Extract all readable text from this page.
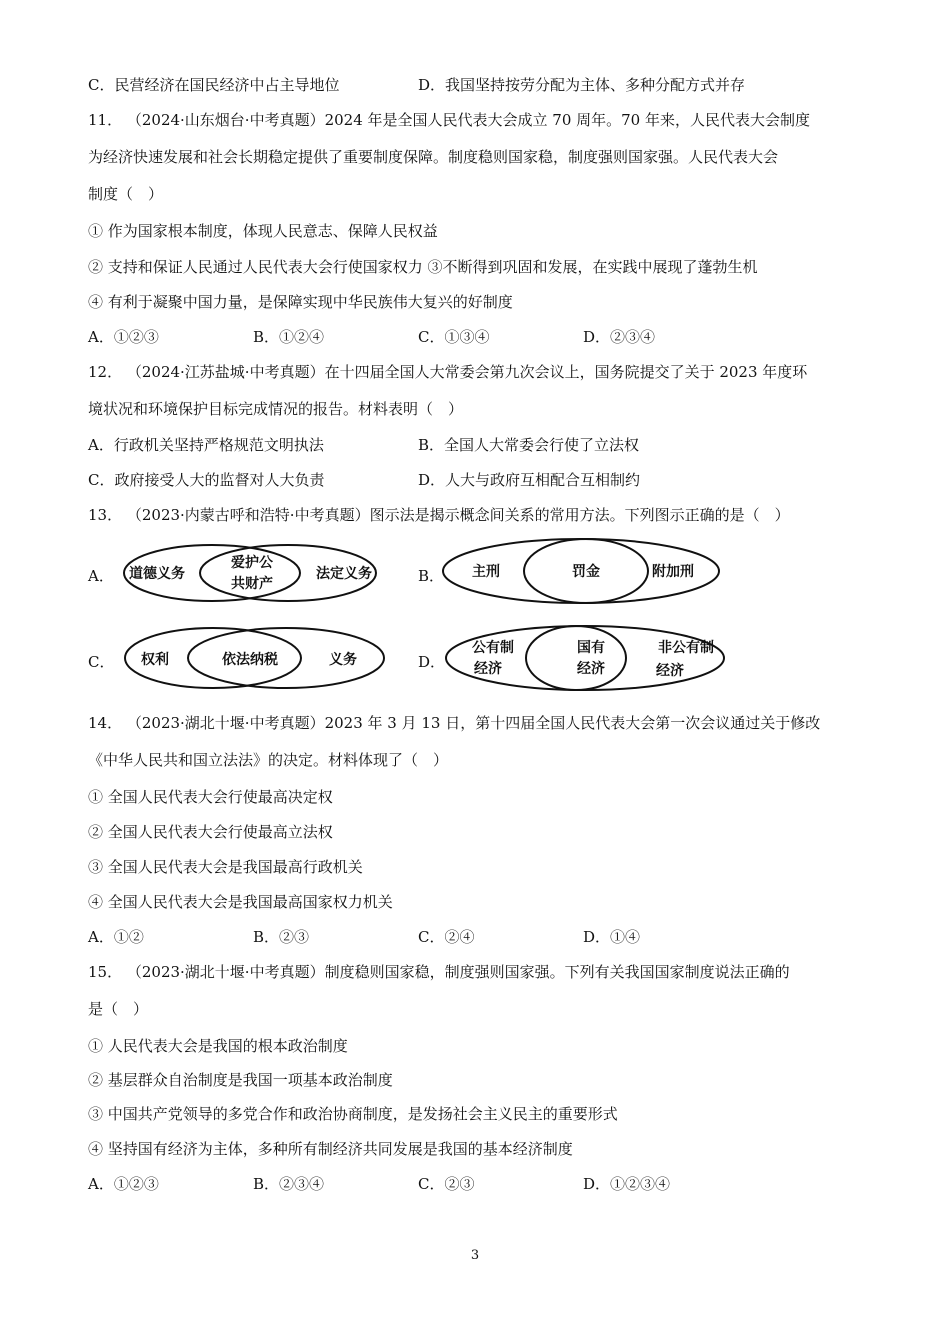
C．民营经济在国民经济中占主导地位	D．我国坚持按劳分配为主体、多种分配方式并存
11． （2024·山东烟台·中考真题）2024 年是全国人民代表大会成立 70 周年。70 年来，人民代表大会制度
为经济快速发展和社会长期稳定提供了重要制度保障。制度稳则国家稳，制度强则国家强。人民代表大会
制度（　）
① 作为国家根本制度，体现人民意志、保障人民权益
② 支持和保证人民通过人民代表大会行使国家权力 ③不断得到巩固和发展，在实践中展现了蓬勃生机
④ 有利于凝聚中国力量，是保障实现中华民族伟大复兴的好制度
A．①②③	B．①②④	C．①③④	D．②③④
12． （2024·江苏盐城·中考真题）在十四届全国人大常委会第九次会议上，国务院提交了关于 2023 年度环
境状况和环境保护目标完成情况的报告。材料表明（　）
A．行政机关坚持严格规范文明执法	B．全国人大常委会行使了立法权
C．政府接受人大的监督对人大负责	D．人大与政府互相配合互相制约
13． （2023·内蒙古呼和浩特·中考真题）图示法是揭示概念间关系的常用方法。下列图示正确的是（　）
A． 道德义务
爱护公
共财产
法定义务	B． 主刑	罚金	附加刑
C． 权利	依法纳税	义务	D．
公有制
经济
国有
经济
非公有制
经济
14． （2023·湖北十堰·中考真题）2023 年 3 月 13 日，第十四届全国人民代表大会第一次会议通过关于修改
《中华人民共和国立法法》的决定。材料体现了（　）
① 全国人民代表大会行使最高决定权
② 全国人民代表大会行使最高立法权
③ 全国人民代表大会是我国最高行政机关
④ 全国人民代表大会是我国最高国家权力机关
A．①②	B．②③	C．②④	D．①④
15． （2023·湖北十堰·中考真题）制度稳则国家稳，制度强则国家强。下列有关我国国家制度说法正确的
是（　）
① 人民代表大会是我国的根本政治制度
② 基层群众自治制度是我国一项基本政治制度
③ 中国共产党领导的多党合作和政治协商制度，是发扬社会主义民主的重要形式
④ 坚持国有经济为主体，多种所有制经济共同发展是我国的基本经济制度
A．①②③	B．②③④	C．②③	D．①②③④
3
